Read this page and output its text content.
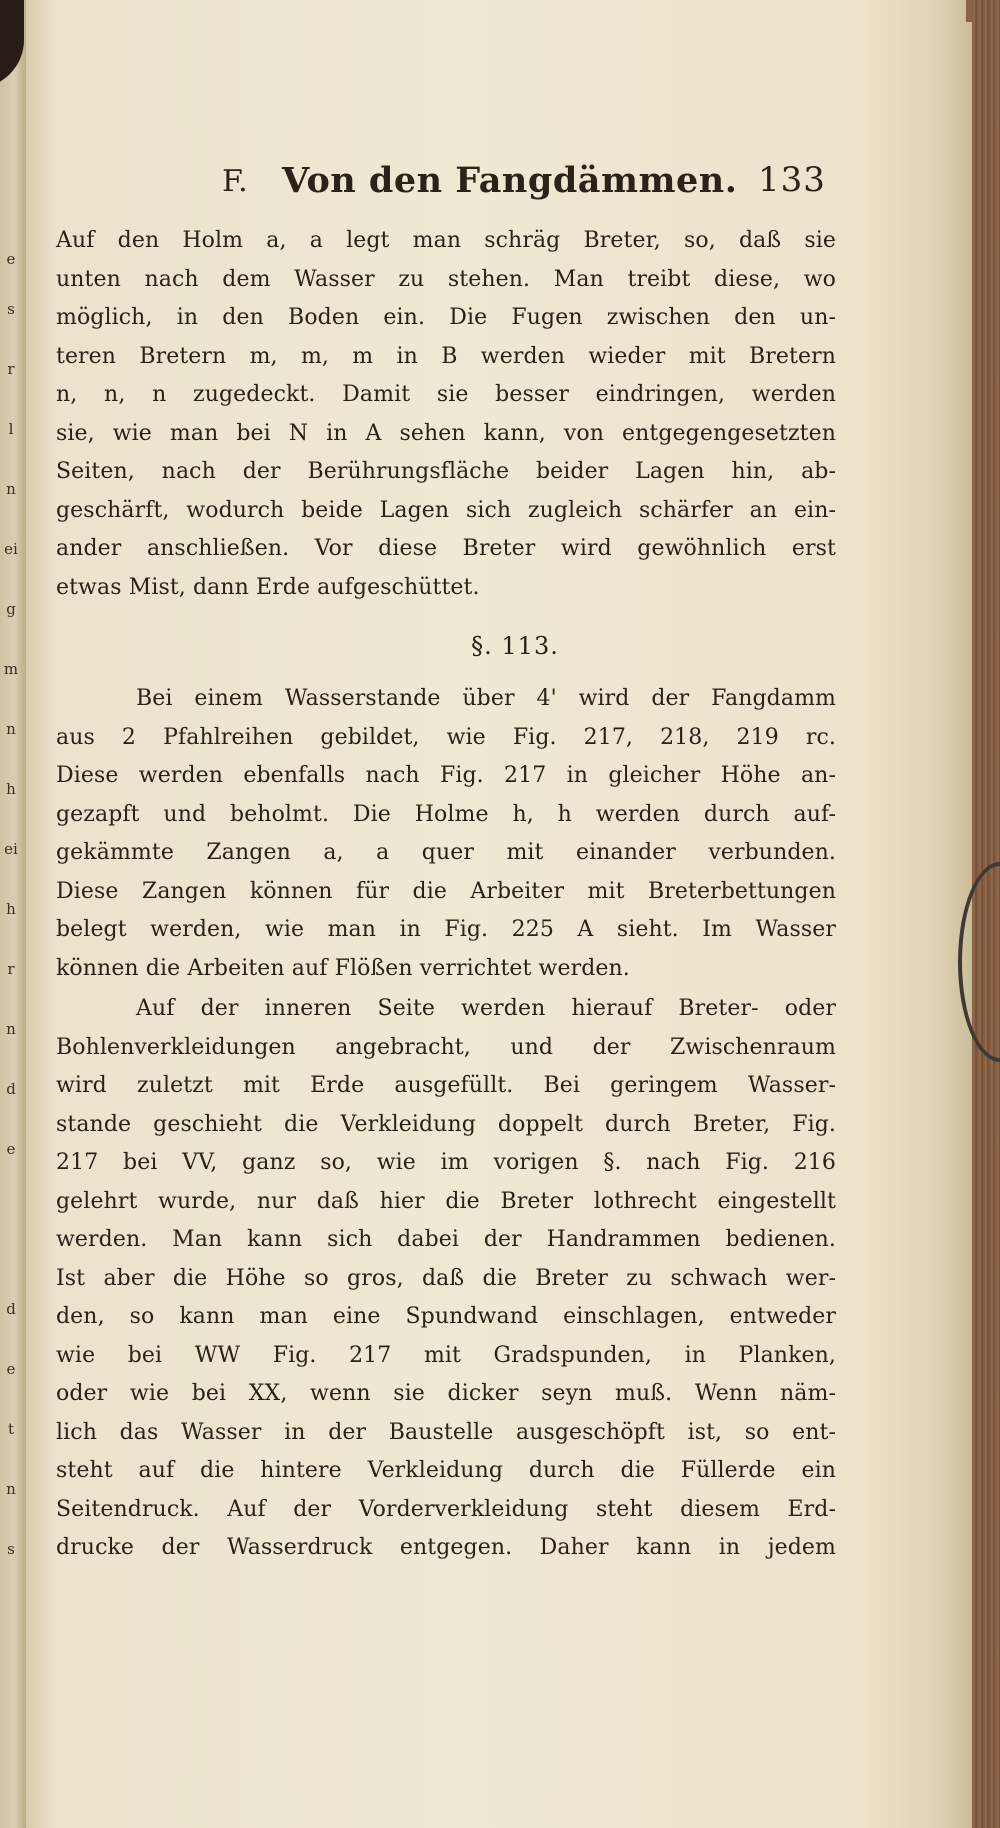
e
s
r
l
n
ei
g
m
n
h
ei
h
r
n
d
e
d
e
t
n
s
F. Von den Fangdämmen. 133
Auf den Holm a, a legt man schräg Breter, so, daß sie
unten nach dem Wasser zu stehen. Man treibt diese, wo
möglich, in den Boden ein. Die Fugen zwischen den un-
teren Bretern m, m, m in B werden wieder mit Bretern
n, n, n zugedeckt. Damit sie besser eindringen, werden
sie, wie man bei N in A sehen kann, von entgegengesetzten
Seiten, nach der Berührungsfläche beider Lagen hin, ab-
geschärft, wodurch beide Lagen sich zugleich schärfer an ein-
ander anschließen. Vor diese Breter wird gewöhnlich erst
etwas Mist, dann Erde aufgeschüttet.
§. 113.
Bei einem Wasserstande über 4' wird der Fangdamm
aus 2 Pfahlreihen gebildet, wie Fig. 217, 218, 219 rc.
Diese werden ebenfalls nach Fig. 217 in gleicher Höhe an-
gezapft und beholmt. Die Holme h, h werden durch auf-
gekämmte Zangen a, a quer mit einander verbunden.
Diese Zangen können für die Arbeiter mit Breterbettungen
belegt werden, wie man in Fig. 225 A sieht. Im Wasser
können die Arbeiten auf Flößen verrichtet werden.
Auf der inneren Seite werden hierauf Breter- oder
Bohlenverkleidungen angebracht, und der Zwischenraum
wird zuletzt mit Erde ausgefüllt. Bei geringem Wasser-
stande geschieht die Verkleidung doppelt durch Breter, Fig.
217 bei VV, ganz so, wie im vorigen §. nach Fig. 216
gelehrt wurde, nur daß hier die Breter lothrecht eingestellt
werden. Man kann sich dabei der Handrammen bedienen.
Ist aber die Höhe so gros, daß die Breter zu schwach wer-
den, so kann man eine Spundwand einschlagen, entweder
wie bei WW Fig. 217 mit Gradspunden, in Planken,
oder wie bei XX, wenn sie dicker seyn muß. Wenn näm-
lich das Wasser in der Baustelle ausgeschöpft ist, so ent-
steht auf die hintere Verkleidung durch die Füllerde ein
Seitendruck. Auf der Vorderverkleidung steht diesem Erd-
drucke der Wasserdruck entgegen. Daher kann in jedem
